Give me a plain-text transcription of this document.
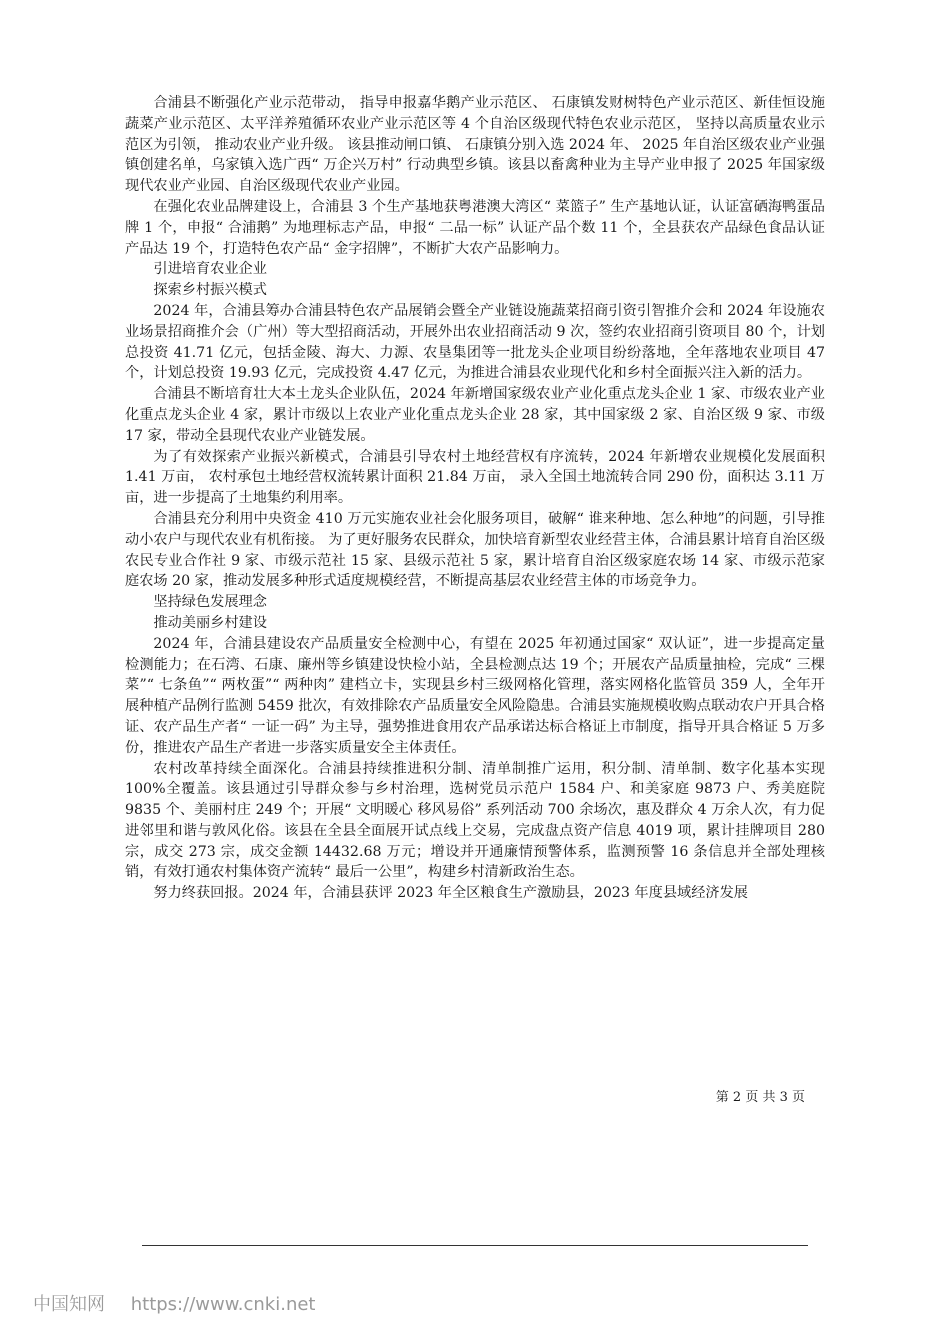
合浦县不断强化产业示范带动， 指导申报嘉华鹅产业示范区、 石康镇发财树特色产业示范区、新佳恒设施蔬菜产业示范区、太平洋养殖循环农业产业示范区等 4 个自治区级现代特色农业示范区， 坚持以高质量农业示范区为引领， 推动农业产业升级。 该县推动闸口镇、 石康镇分别入选 2024 年、 2025 年自治区级农业产业强镇创建名单，乌家镇入选广西“ 万企兴万村” 行动典型乡镇。该县以畜禽种业为主导产业申报了 2025 年国家级现代农业产业园、自治区级现代农业产业园。

在强化农业品牌建设上，合浦县 3 个生产基地获粤港澳大湾区“ 菜篮子” 生产基地认证，认证富硒海鸭蛋品牌 1 个，申报“ 合浦鹅” 为地理标志产品，申报“ 二品一标” 认证产品个数 11 个，全县获农产品绿色食品认证产品达 19 个，打造特色农产品“ 金字招牌”，不断扩大农产品影响力。

引进培育农业企业

探索乡村振兴模式

2024 年，合浦县筹办合浦县特色农产品展销会暨全产业链设施蔬菜招商引资引智推介会和 2024 年设施农业场景招商推介会（广州）等大型招商活动，开展外出农业招商活动 9 次，签约农业招商引资项目 80 个，计划总投资 41.71 亿元，包括金陵、海大、力源、农垦集团等一批龙头企业项目纷纷落地，全年落地农业项目 47 个，计划总投资 19.93 亿元，完成投资 4.47 亿元，为推进合浦县农业现代化和乡村全面振兴注入新的活力。

合浦县不断培育壮大本土龙头企业队伍，2024 年新增国家级农业产业化重点龙头企业 1 家、市级农业产业化重点龙头企业 4 家，累计市级以上农业产业化重点龙头企业 28 家，其中国家级 2 家、自治区级 9 家、市级 17 家，带动全县现代农业产业链发展。

为了有效探索产业振兴新模式，合浦县引导农村土地经营权有序流转，2024 年新增农业规模化发展面积 1.41 万亩， 农村承包土地经营权流转累计面积 21.84 万亩， 录入全国土地流转合同 290 份，面积达 3.11 万亩，进一步提高了土地集约利用率。

合浦县充分利用中央资金 410 万元实施农业社会化服务项目，破解“ 谁来种地、怎么种地”的问题，引导推动小农户与现代农业有机衔接。 为了更好服务农民群众，加快培育新型农业经营主体，合浦县累计培育自治区级农民专业合作社 9 家、市级示范社 15 家、县级示范社 5 家，累计培育自治区级家庭农场 14 家、市级示范家庭农场 20 家，推动发展多种形式适度规模经营，不断提高基层农业经营主体的市场竞争力。

坚持绿色发展理念

推动美丽乡村建设

2024 年，合浦县建设农产品质量安全检测中心，有望在 2025 年初通过国家“ 双认证”，进一步提高定量检测能力；在石湾、石康、廉州等乡镇建设快检小站，全县检测点达 19 个；开展农产品质量抽检，完成“ 三棵菜”“ 七条鱼”“ 两枚蛋”“ 两种肉” 建档立卡，实现县乡村三级网格化管理，落实网格化监管员 359 人，全年开展种植产品例行监测 5459 批次，有效排除农产品质量安全风险隐患。合浦县实施规模收购点联动农户开具合格证、农产品生产者“ 一证一码” 为主导，强势推进食用农产品承诺达标合格证上市制度，指导开具合格证 5 万多份，推进农产品生产者进一步落实质量安全主体责任。

农村改革持续全面深化。合浦县持续推进积分制、清单制推广运用，积分制、清单制、数字化基本实现 100%全覆盖。该县通过引导群众参与乡村治理，选树党员示范户 1584 户、和美家庭 9873 户、秀美庭院 9835 个、美丽村庄 249 个；开展“ 文明暖心 移风易俗” 系列活动 700 余场次，惠及群众 4 万余人次，有力促进邻里和谐与敦风化俗。该县在全县全面展开试点线上交易，完成盘点资产信息 4019 项，累计挂牌项目 280 宗，成交 273 宗，成交金额 14432.68 万元；增设并开通廉情预警体系，监测预警 16 条信息并全部处理核销，有效打通农村集体资产流转“ 最后一公里”，构建乡村清新政治生态。

努力终获回报。2024 年，合浦县获评 2023 年全区粮食生产激励县，2023 年度县域经济发展

第 2 页 共 3 页
中国知网 https://www.cnki.net
